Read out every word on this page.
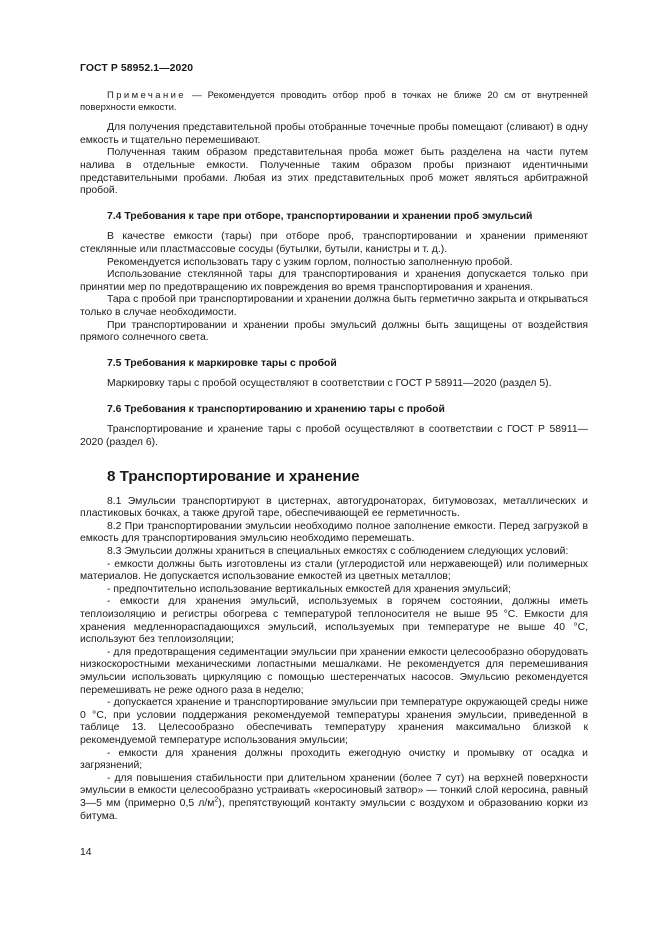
ГОСТ Р 58952.1—2020

Примечание — Рекомендуется проводить отбор проб в точках не ближе 20 см от внутренней поверхности емкости.

Для получения представительной пробы отобранные точечные пробы помещают (сливают) в одну емкость и тщательно перемешивают.

Полученная таким образом представительная проба может быть разделена на части путем налива в отдельные емкости. Полученные таким образом пробы признают идентичными представительными пробами. Любая из этих представительных проб может являться арбитражной пробой.

7.4 Требования к таре при отборе, транспортировании и хранении проб эмульсий

В качестве емкости (тары) при отборе проб, транспортировании и хранении применяют стеклянные или пластмассовые сосуды (бутылки, бутыли, канистры и т. д.).

Рекомендуется использовать тару с узким горлом, полностью заполненную пробой.

Использование стеклянной тары для транспортирования и хранения допускается только при принятии мер по предотвращению их повреждения во время транспортирования и хранения.

Тара с пробой при транспортировании и хранении должна быть герметично закрыта и открываться только в случае необходимости.

При транспортировании и хранении пробы эмульсий должны быть защищены от воздействия прямого солнечного света.

7.5 Требования к маркировке тары с пробой

Маркировку тары с пробой осуществляют в соответствии с ГОСТ Р 58911—2020 (раздел 5).

7.6 Требования к транспортированию и хранению тары с пробой

Транспортирование и хранение тары с пробой осуществляют в соответствии с ГОСТ Р 58911—2020 (раздел 6).

8 Транспортирование и хранение

8.1 Эмульсии транспортируют в цистернах, автогудронаторах, битумовозах, металлических и пластиковых бочках, а также другой таре, обеспечивающей ее герметичность.

8.2 При транспортировании эмульсии необходимо полное заполнение емкости. Перед загрузкой в емкость для транспортирования эмульсию необходимо перемешать.

8.3 Эмульсии должны храниться в специальных емкостях с соблюдением следующих условий:

- емкости должны быть изготовлены из стали (углеродистой или нержавеющей) или полимерных материалов. Не допускается использование емкостей из цветных металлов;

- предпочтительно использование вертикальных емкостей для хранения эмульсий;

- емкости для хранения эмульсий, используемых в горячем состоянии, должны иметь теплоизоляцию и регистры обогрева с температурой теплоносителя не выше 95 °С. Емкости для хранения медленнораспадающихся эмульсий, используемых при температуре не выше 40 °С, используют без теплоизоляции;

- для предотвращения седиментации эмульсии при хранении емкости целесообразно оборудовать низкоскоростными механическими лопастными мешалками. Не рекомендуется для перемешивания эмульсии использовать циркуляцию с помощью шестеренчатых насосов. Эмульсию рекомендуется перемешивать не реже одного раза в неделю;

- допускается хранение и транспортирование эмульсии при температуре окружающей среды ниже 0 °С, при условии поддержания рекомендуемой температуры хранения эмульсии, приведенной в таблице 13. Целесообразно обеспечивать температуру хранения максимально близкой к рекомендуемой температуре использования эмульсии;

- емкости для хранения должны проходить ежегодную очистку и промывку от осадка и загрязнений;

- для повышения стабильности при длительном хранении (более 7 сут) на верхней поверхности эмульсии в емкости целесообразно устраивать «керосиновый затвор» — тонкий слой керосина, равный 3—5 мм (примерно 0,5 $л/м^2$), препятствующий контакту эмульсии с воздухом и образованию корки из битума.

14
